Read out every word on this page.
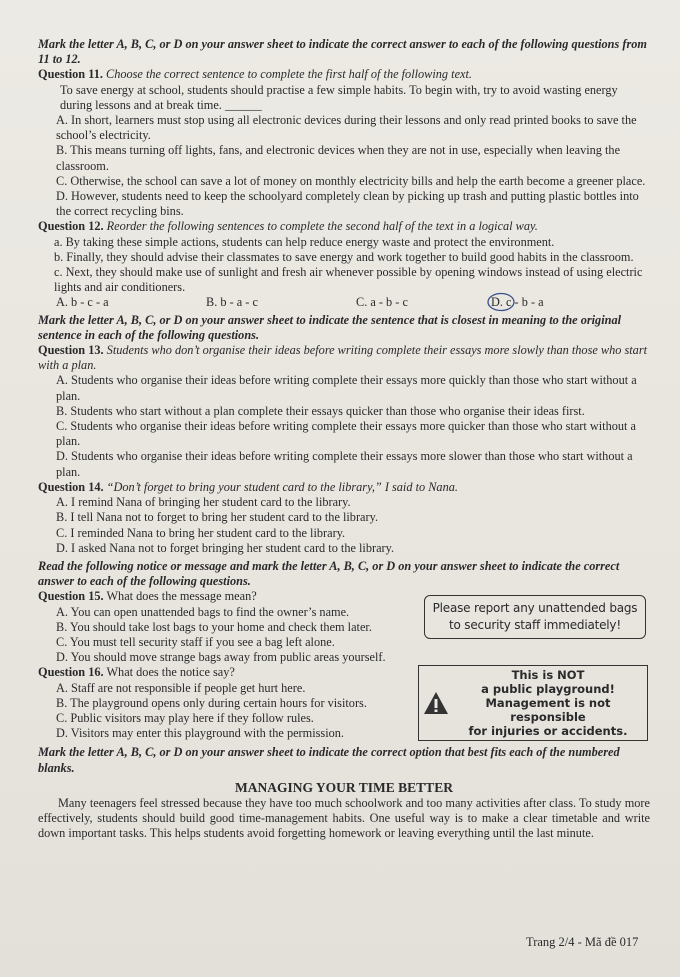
Mark the letter A, B, C, or D on your answer sheet to indicate the correct answer to each of the following questions from 11 to 12.

Question 11. Choose the correct sentence to complete the first half of the following text.

To save energy at school, students should practise a few simple habits. To begin with, try to avoid wasting energy during lessons and at break time. ______

A. In short, learners must stop using all electronic devices during their lessons and only read printed books to save the school’s electricity.

B. This means turning off lights, fans, and electronic devices when they are not in use, especially when leaving the classroom.

C. Otherwise, the school can save a lot of money on monthly electricity bills and help the earth become a greener place.

D. However, students need to keep the schoolyard completely clean by picking up trash and putting plastic bottles into the correct recycling bins.

Question 12. Reorder the following sentences to complete the second half of the text in a logical way.

a. By taking these simple actions, students can help reduce energy waste and protect the environment.

b. Finally, they should advise their classmates to save energy and work together to build good habits in the classroom.

c. Next, they should make use of sunlight and fresh air whenever possible by opening windows instead of using electric lights and air conditioners.

A. b - c - a	B. b - a - c	C. a - b - c	D. c - b - a

Mark the letter A, B, C, or D on your answer sheet to indicate the sentence that is closest in meaning to the original sentence in each of the following questions.

Question 13. Students who don’t organise their ideas before writing complete their essays more slowly than those who start with a plan.

A. Students who organise their ideas before writing complete their essays more quickly than those who start without a plan.

B. Students who start without a plan complete their essays quicker than those who organise their ideas first.

C. Students who organise their ideas before writing complete their essays more quicker than those who start without a plan.

D. Students who organise their ideas before writing complete their essays more slower than those who start without a plan.

Question 14. “Don’t forget to bring your student card to the library,” I said to Nana.

A. I remind Nana of bringing her student card to the library.

B. I tell Nana not to forget to bring her student card to the library.

C. I reminded Nana to bring her student card to the library.

D. I asked Nana not to forget bringing her student card to the library.

Read the following notice or message and mark the letter A, B, C, or D on your answer sheet to indicate the correct answer to each of the following questions.

Question 15. What does the message mean?

A. You can open unattended bags to find the owner’s name.

B. You should take lost bags to your home and check them later.

C. You must tell security staff if you see a bag left alone.

D. You should move strange bags away from public areas yourself.

Please report any unattended bags to security staff immediately!

Question 16. What does the notice say?

A. Staff are not responsible if people get hurt here.

B. The playground opens only during certain hours for visitors.

C. Public visitors may play here if they follow rules.

D. Visitors may enter this playground with the permission.

This is NOT
a public playground!
Management is not responsible
for injuries or accidents.

Mark the letter A, B, C, or D on your answer sheet to indicate the correct option that best fits each of the numbered blanks.

MANAGING YOUR TIME BETTER

Many teenagers feel stressed because they have too much schoolwork and too many activities after class. To study more effectively, students should build good time-management habits. One useful way is to make a clear timetable and write down important tasks. This helps students avoid forgetting homework or leaving everything until the last minute.

Trang 2/4 - Mã đề 017
